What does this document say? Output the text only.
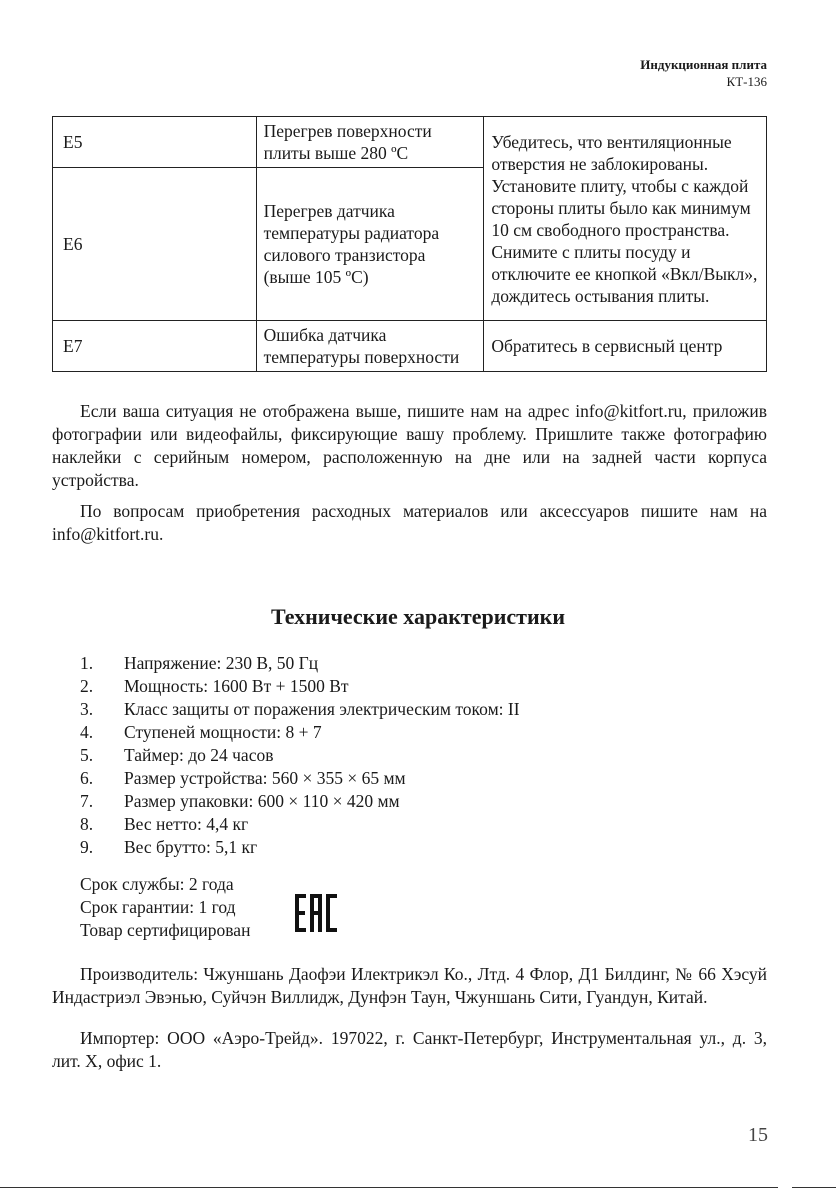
Индукционная плита
КТ-136
E5	Перегрев поверхности плиты выше 280 ºС	Убедитесь, что вентиляционные отверстия не заблокированы. Установите плиту, чтобы с каждой стороны плиты было как минимум 10 см свободного пространства. Снимите с плиты посуду и отключите ее кнопкой «Вкл/Выкл», дождитесь остывания плиты.
E6	Перегрев датчика температуры радиатора силового транзистора (выше 105 ºС)	
E7	Ошибка датчика температуры поверхности	Обратитесь в сервисный центр

Если ваша ситуация не отображена выше, пишите нам на адрес info@kitfort.ru, приложив фотографии или видеофайлы, фиксирующие вашу проблему. Пришлите также фотографию наклейки с серийным номером, расположенную на дне или на задней части корпуса устройства.

По вопросам приобретения расходных материалов или аксессуаров пишите нам на info@kitfort.ru.

Технические характеристики
1.	Напряжение: 230 В, 50 Гц
2.	Мощность: 1600 Вт + 1500 Вт
3.	Класс защиты от поражения электрическим током: II
4.	Ступеней мощности: 8 + 7
5.	Таймер: до 24 часов
6.	Размер устройства: 560 × 355 × 65 мм
7.	Размер упаковки: 600 × 110 × 420 мм
8.	Вес нетто: 4,4 кг
9.	Вес брутто: 5,1 кг
Срок службы: 2 года
Срок гарантии: 1 год
Товар сертифицирован

Производитель: Чжуншань Даофэи Илектрикэл Ко., Лтд. 4 Флор, Д1 Билдинг, № 66 Хэсуй Индастриэл Эвэнью, Суйчэн Виллидж, Дунфэн Таун, Чжуншань Сити, Гуандун, Китай.

Импортер: ООО «Аэро-Трейд». 197022, г. Санкт-Петербург, Инструментальная ул., д. 3, лит. Х, офис 1.

15
